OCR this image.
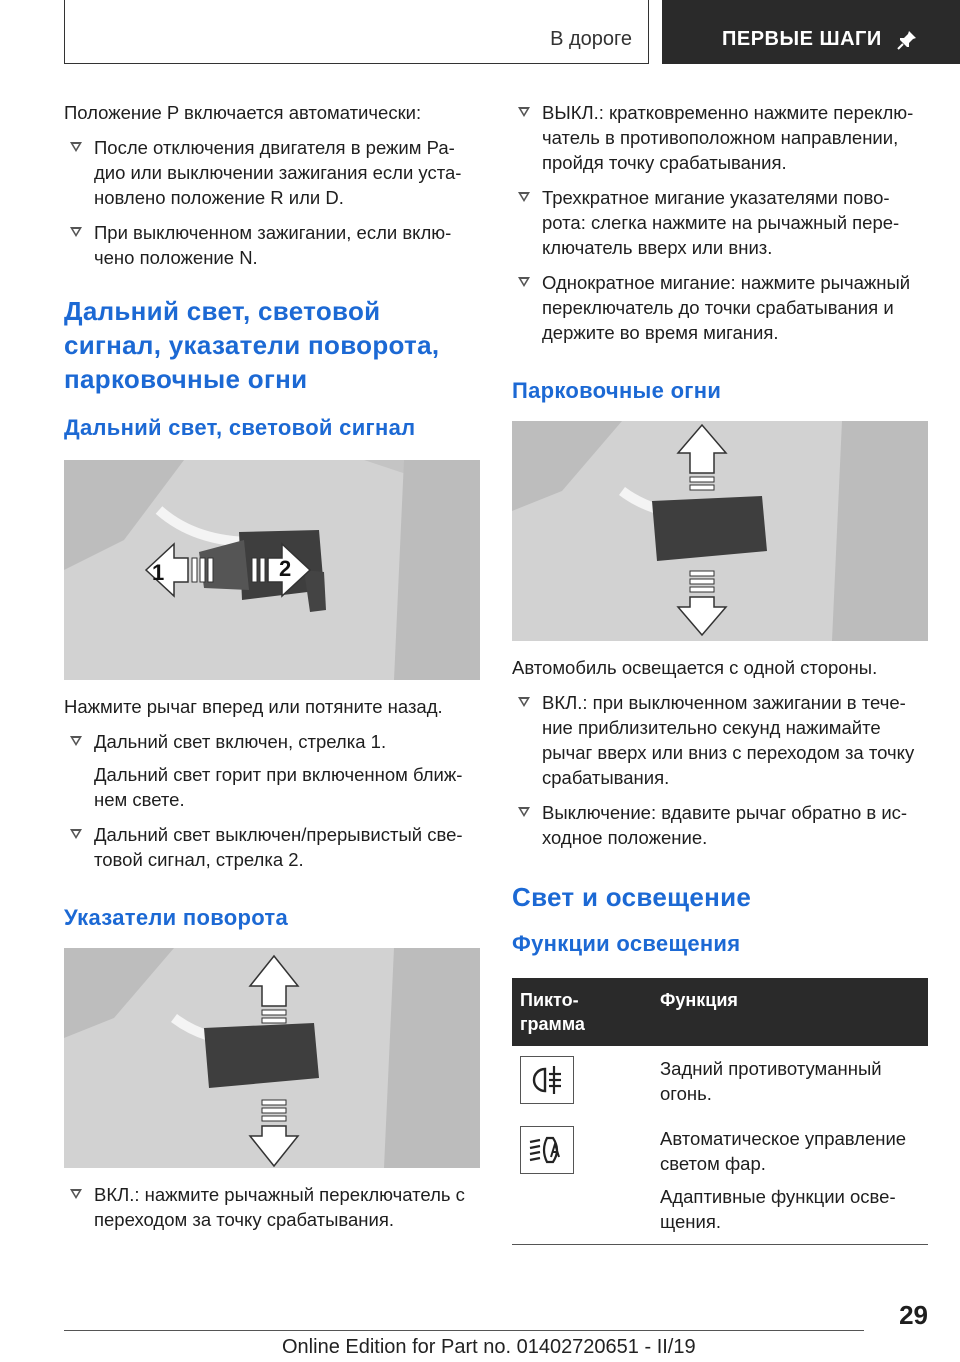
В дороге	ПЕРВЫЕ ШАГИ

Положение P включается автоматически:

После отключения двигателя в режим Ра-
дио или выключении зажигания если уста-
новлено положение R или D.
При выключенном зажигании, если вклю-
чено положение N.
Дальний свет, световой сигнал, указатели поворота, парковочные огни
Дальний свет, световой сигнал
1	2

Нажмите рычаг вперед или потяните назад.

Дальний свет включен, стрелка 1.
Дальний свет горит при включенном ближ-
нем свете.
Дальний свет выключен/прерывистый све-
товой сигнал, стрелка 2.
Указатели поворота
ВКЛ.: нажмите рычажный переключатель с
переходом за точку срабатывания.
ВЫКЛ.: кратковременно нажмите переклю-
чатель в противоположном направлении,
пройдя точку срабатывания.
Трехкратное мигание указателями пово-
рота: слегка нажмите на рычажный пере-
ключатель вверх или вниз.
Однократное мигание: нажмите рычажный
переключатель до точки срабатывания и
держите во время мигания.
Парковочные огни

Автомобиль освещается с одной стороны.

ВКЛ.: при выключенном зажигании в тече-
ние приблизительно секунд нажимайте
рычаг вверх или вниз с переходом за точку
срабатывания.
Выключение: вдавите рычаг обратно в ис-
ходное положение.
Свет и освещение
Функции освещения
Пикто-
грамма	Функция

	Задний противотуманный
огонь.

Автоматическое управление
светом фар.
Адаптивные функции осве-
щения.
29
Online Edition for Part no. 01402720651 - II/19
